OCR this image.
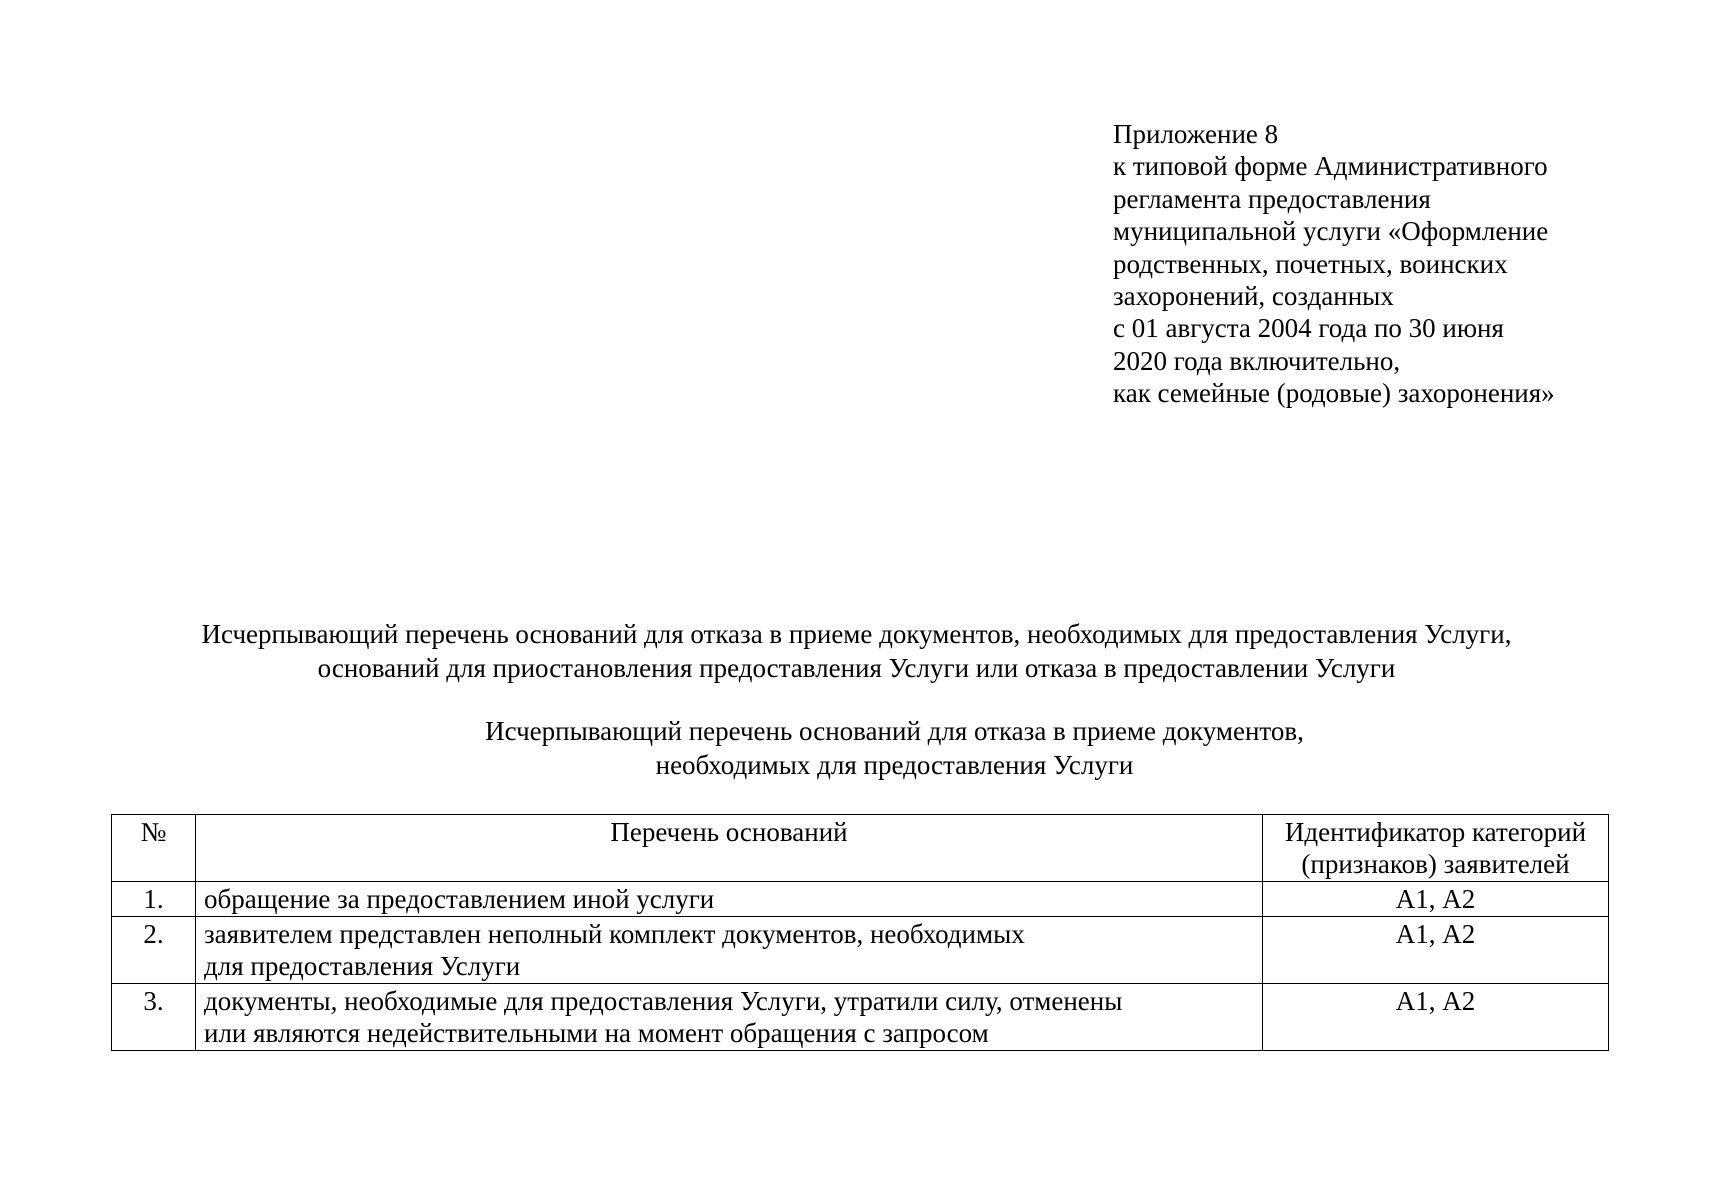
Приложение 8
к типовой форме Административного
регламента предоставления
муниципальной услуги «Оформление
родственных, почетных, воинских
захоронений, созданных
с 01 августа 2004 года по 30 июня
2020 года включительно,
как семейные (родовые) захоронения»
Исчерпывающий перечень оснований для отказа в приеме документов, необходимых для предоставления Услуги,
оснований для приостановления предоставления Услуги или отказа в предоставлении Услуги
Исчерпывающий перечень оснований для отказа в приеме документов,
необходимых для предоставления Услуги
№	Перечень оснований	Идентификатор категорий
(признаков) заявителей

1.	обращение за предоставлением иной услуги	А1, А2
2.	заявителем представлен неполный комплект документов, необходимых
для предоставления Услуги	А1, А2
3.	документы, необходимые для предоставления Услуги, утратили силу, отменены
или являются недействительными на момент обращения с запросом	А1, А2
